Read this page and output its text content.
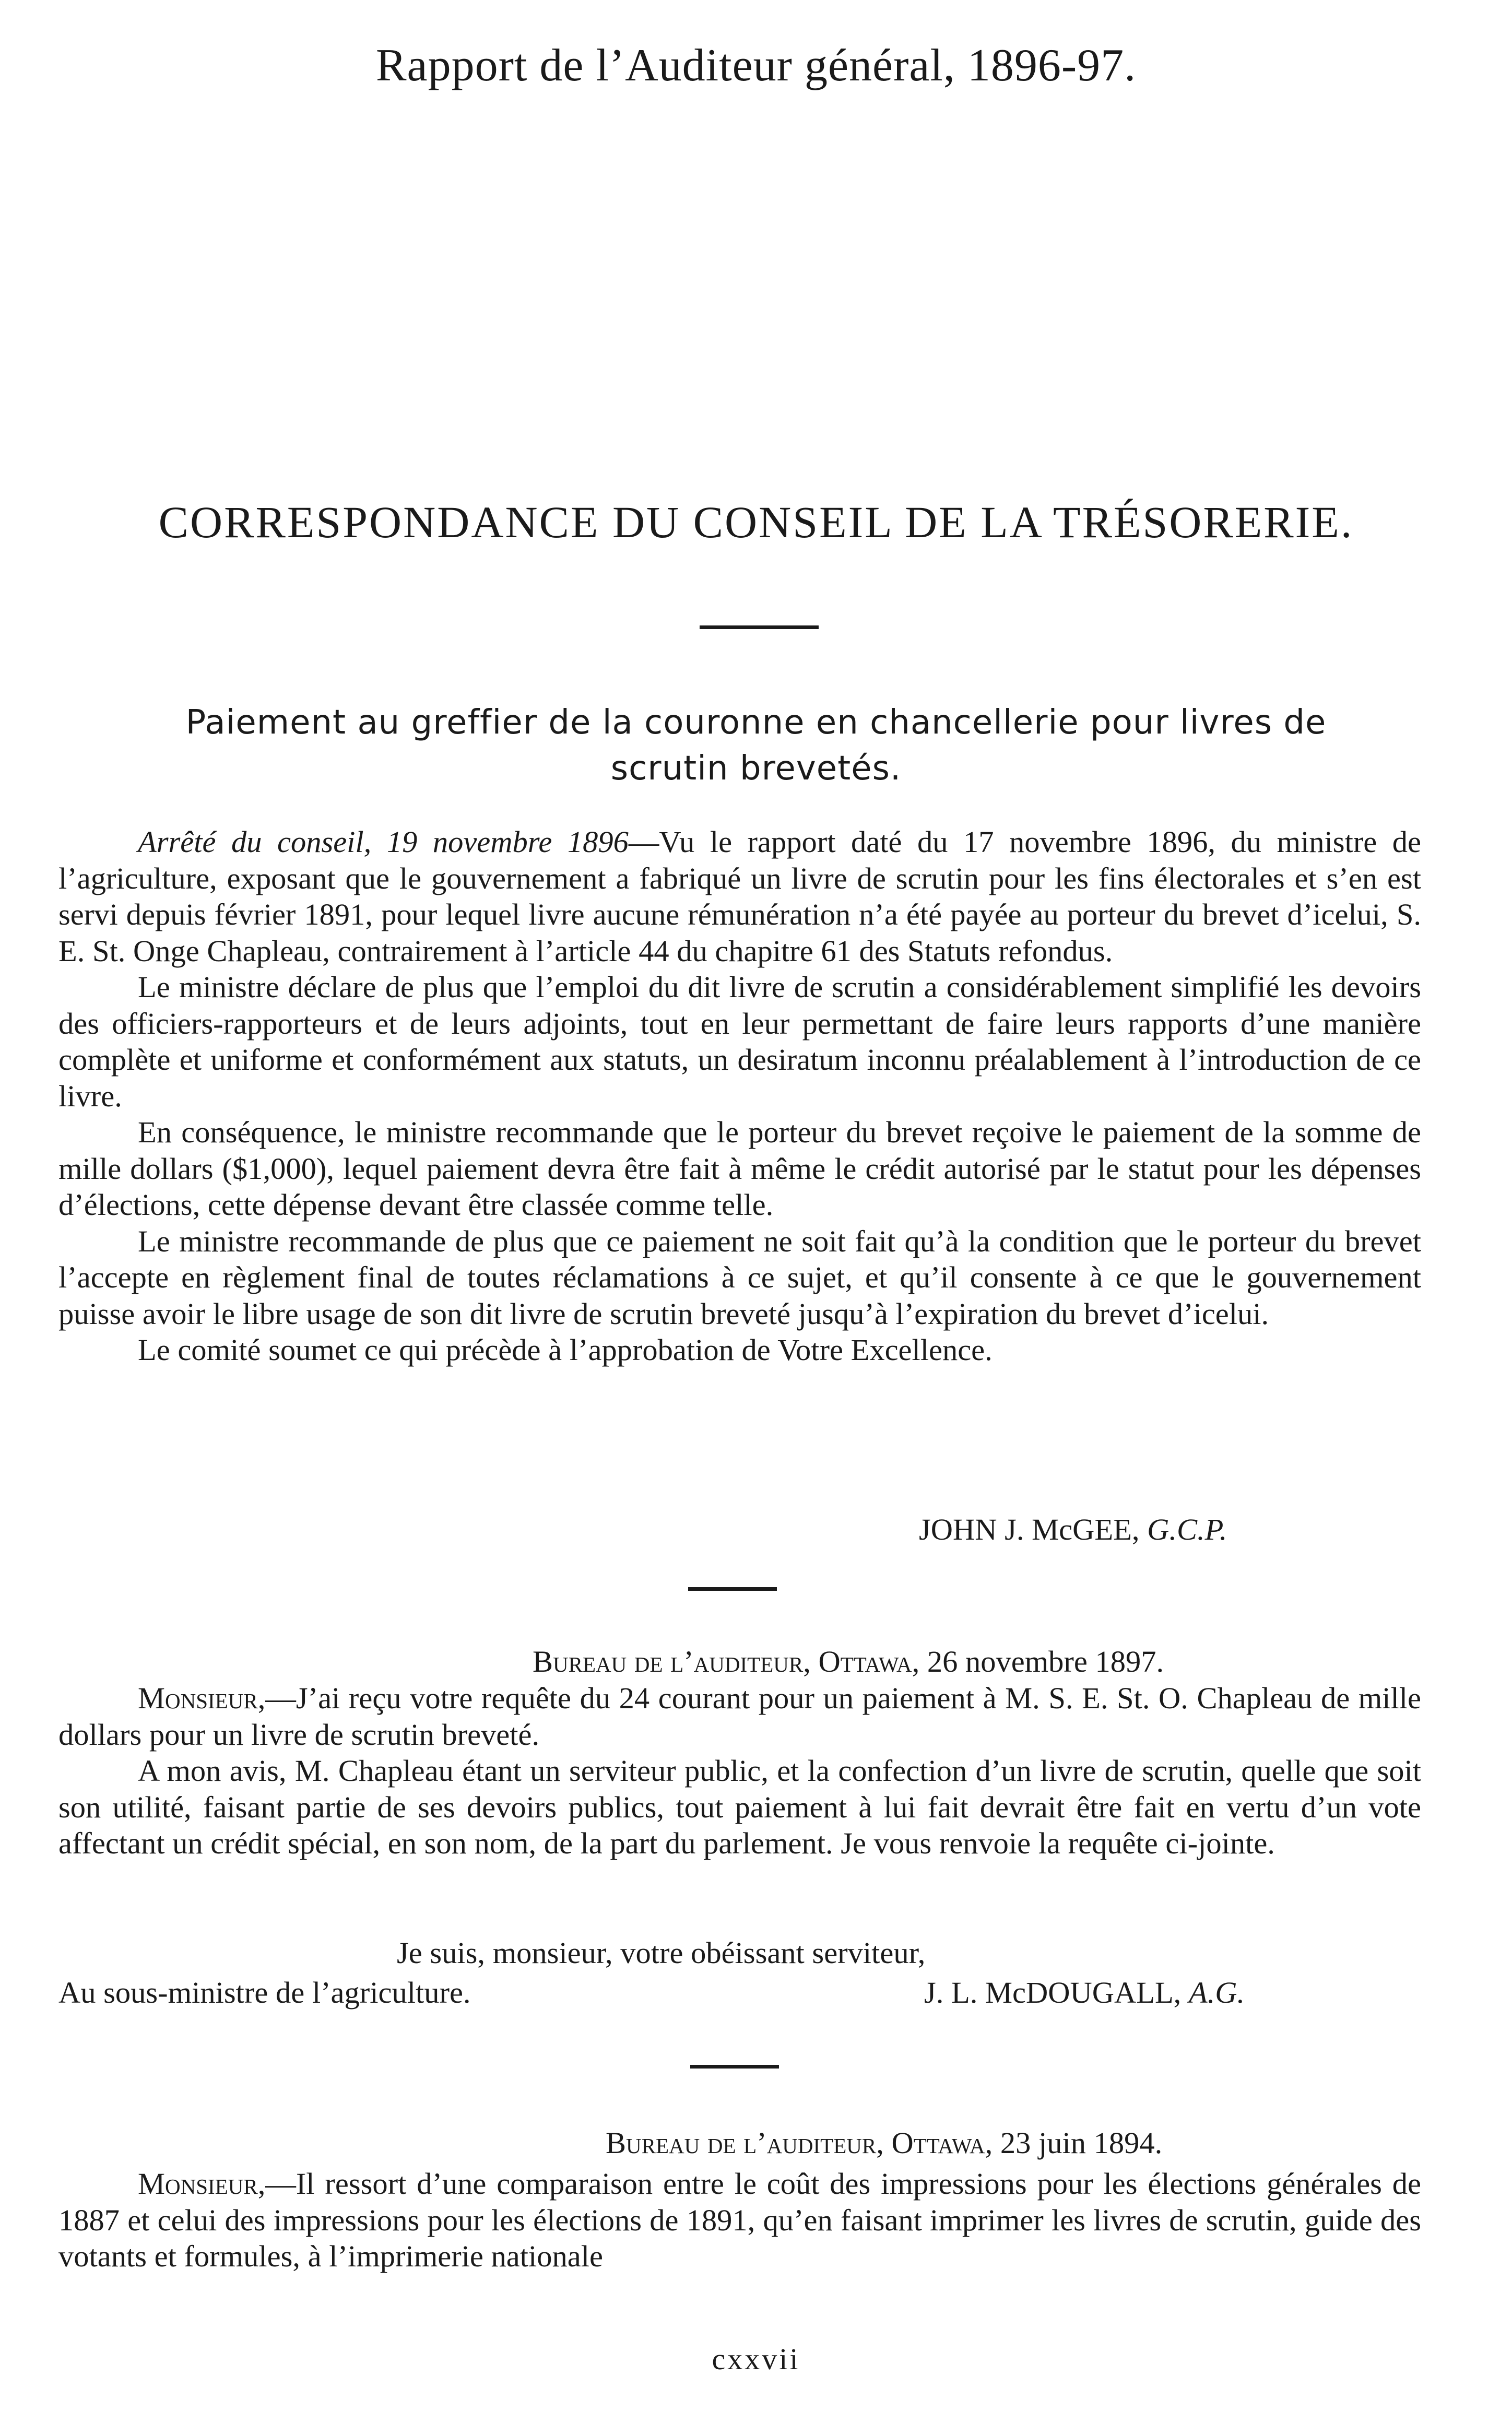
Rapport de l’Auditeur général, 1896-97.
CORRESPONDANCE DU CONSEIL DE LA TRÉSORERIE.
Paiement au greffier de la couronne en chancellerie pour livres de
scrutin brevetés.

Arrêté du conseil, 19 novembre 1896—Vu le rapport daté du 17 novembre 1896, du ministre de l’agriculture, exposant que le gouvernement a fabriqué un livre de scrutin pour les fins électorales et s’en est servi depuis février 1891, pour lequel livre aucune rémunération n’a été payée au porteur du brevet d’icelui, S. E. St. Onge Chapleau, contrairement à l’article 44 du chapitre 61 des Statuts refondus.

Le ministre déclare de plus que l’emploi du dit livre de scrutin a considérablement simplifié les devoirs des officiers-rapporteurs et de leurs adjoints, tout en leur permettant de faire leurs rapports d’une manière complète et uniforme et conformément aux statuts, un desiratum inconnu préalablement à l’introduction de ce livre.

En conséquence, le ministre recommande que le porteur du brevet reçoive le paiement de la somme de mille dollars ($1,000), lequel paiement devra être fait à même le crédit autorisé par le statut pour les dépenses d’élections, cette dépense devant être classée comme telle.

Le ministre recommande de plus que ce paiement ne soit fait qu’à la condition que le porteur du brevet l’accepte en règlement final de toutes réclamations à ce sujet, et qu’il consente à ce que le gouvernement puisse avoir le libre usage de son dit livre de scrutin breveté jusqu’à l’expiration du brevet d’icelui.

Le comité soumet ce qui précède à l’approbation de Votre Excellence.

JOHN J. McGEE, G.C.P.
Bureau de l’auditeur, Ottawa, 26 novembre 1897.

Monsieur,—J’ai reçu votre requête du 24 courant pour un paiement à M. S. E. St. O. Chapleau de mille dollars pour un livre de scrutin breveté.

A mon avis, M. Chapleau étant un serviteur public, et la confection d’un livre de scrutin, quelle que soit son utilité, faisant partie de ses devoirs publics, tout paiement à lui fait devrait être fait en vertu d’un vote affectant un crédit spécial, en son nom, de la part du parlement. Je vous renvoie la requête ci-jointe.

Je suis, monsieur, votre obéissant serviteur,
Au sous-ministre de l’agriculture.	J. L. McDOUGALL, A.G.
Bureau de l’auditeur, Ottawa, 23 juin 1894.

Monsieur,—Il ressort d’une comparaison entre le coût des impressions pour les élections générales de 1887 et celui des impressions pour les élections de 1891, qu’en faisant imprimer les livres de scrutin, guide des votants et formules, à l’imprimerie nationale

cxxvii
